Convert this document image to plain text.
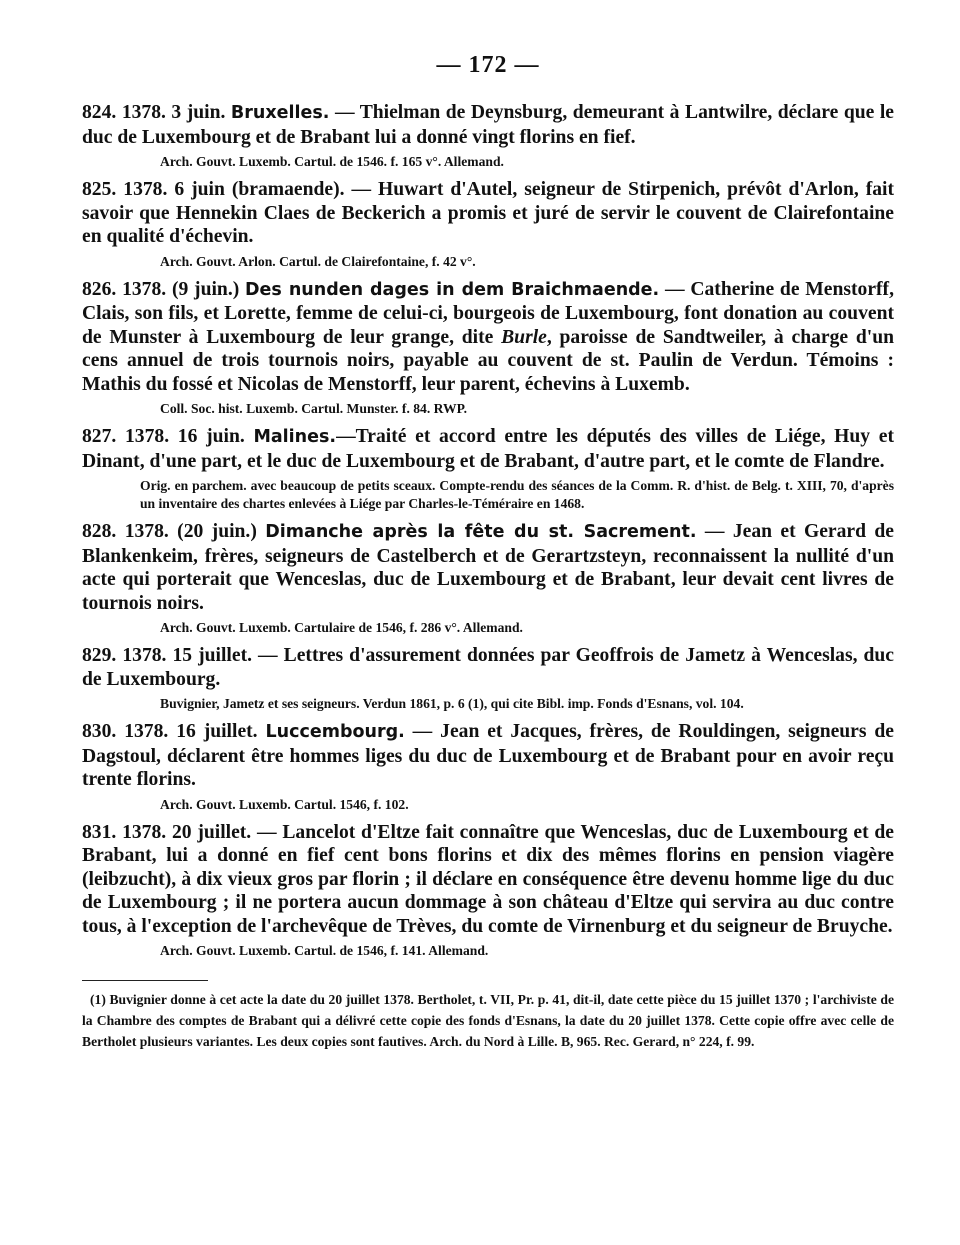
— 172 —

824. 1378. 3 juin. Bruxelles. — Thielman de Deynsburg, demeurant à Lantwilre, déclare que le duc de Luxembourg et de Brabant lui a donné vingt florins en fief.

Arch. Gouvt. Luxemb. Cartul. de 1546. f. 165 v°. Allemand.

825. 1378. 6 juin (bramaende). — Huwart d'Autel, seigneur de Stirpenich, prévôt d'Arlon, fait savoir que Hennekin Claes de Beckerich a promis et juré de servir le couvent de Clairefontaine en qualité d'échevin.

Arch. Gouvt. Arlon. Cartul. de Clairefontaine, f. 42 v°.

826. 1378. (9 juin.) Des nunden dages in dem Braichmaende. — Catherine de Menstorff, Clais, son fils, et Lorette, femme de celui-ci, bourgeois de Luxembourg, font donation au couvent de Munster à Luxembourg de leur grange, dite Burle, paroisse de Sandtweiler, à charge d'un cens annuel de trois tournois noirs, payable au couvent de st. Paulin de Verdun. Témoins : Mathis du fossé et Nicolas de Menstorff, leur parent, échevins à Luxemb.

Coll. Soc. hist. Luxemb. Cartul. Munster. f. 84. RWP.

827. 1378. 16 juin. Malines.—Traité et accord entre les députés des villes de Liége, Huy et Dinant, d'une part, et le duc de Luxembourg et de Brabant, d'autre part, et le comte de Flandre.

Orig. en parchem. avec beaucoup de petits sceaux. Compte-rendu des séances de la Comm. R. d'hist. de Belg. t. XIII, 70, d'après un inventaire des chartes enlevées à Liége par Charles-le-Téméraire en 1468.

828. 1378. (20 juin.) Dimanche après la fête du st. Sacrement. — Jean et Gerard de Blankenkeim, frères, seigneurs de Castelberch et de Gerartzsteyn, reconnaissent la nullité d'un acte qui porterait que Wenceslas, duc de Luxembourg et de Brabant, leur devait cent livres de tournois noirs.

Arch. Gouvt. Luxemb. Cartulaire de 1546, f. 286 v°. Allemand.

829. 1378. 15 juillet. — Lettres d'assurement données par Geoffrois de Jametz à Wenceslas, duc de Luxembourg.

Buvignier, Jametz et ses seigneurs. Verdun 1861, p. 6 (1), qui cite Bibl. imp. Fonds d'Esnans, vol. 104.

830. 1378. 16 juillet. Luccembourg. — Jean et Jacques, frères, de Rouldingen, seigneurs de Dagstoul, déclarent être hommes liges du duc de Luxembourg et de Brabant pour en avoir reçu trente florins.

Arch. Gouvt. Luxemb. Cartul. 1546, f. 102.

831. 1378. 20 juillet. — Lancelot d'Eltze fait connaître que Wenceslas, duc de Luxembourg et de Brabant, lui a donné en fief cent bons florins et dix des mêmes florins en pension viagère (leibzucht), à dix vieux gros par florin ; il déclare en conséquence être devenu homme lige du duc de Luxembourg ; il ne portera aucun dommage à son château d'Eltze qui servira au duc contre tous, à l'exception de l'archevêque de Trèves, du comte de Virnenburg et du seigneur de Bruyche.

Arch. Gouvt. Luxemb. Cartul. de 1546, f. 141. Allemand.

(1) Buvignier donne à cet acte la date du 20 juillet 1378. Bertholet, t. VII, Pr. p. 41, dit-il, date cette pièce du 15 juillet 1370 ; l'archiviste de la Chambre des comptes de Brabant qui a délivré cette copie des fonds d'Esnans, la date du 20 juillet 1378. Cette copie offre avec celle de Bertholet plusieurs variantes. Les deux copies sont fautives. Arch. du Nord à Lille. B, 965. Rec. Gerard, n° 224, f. 99.
